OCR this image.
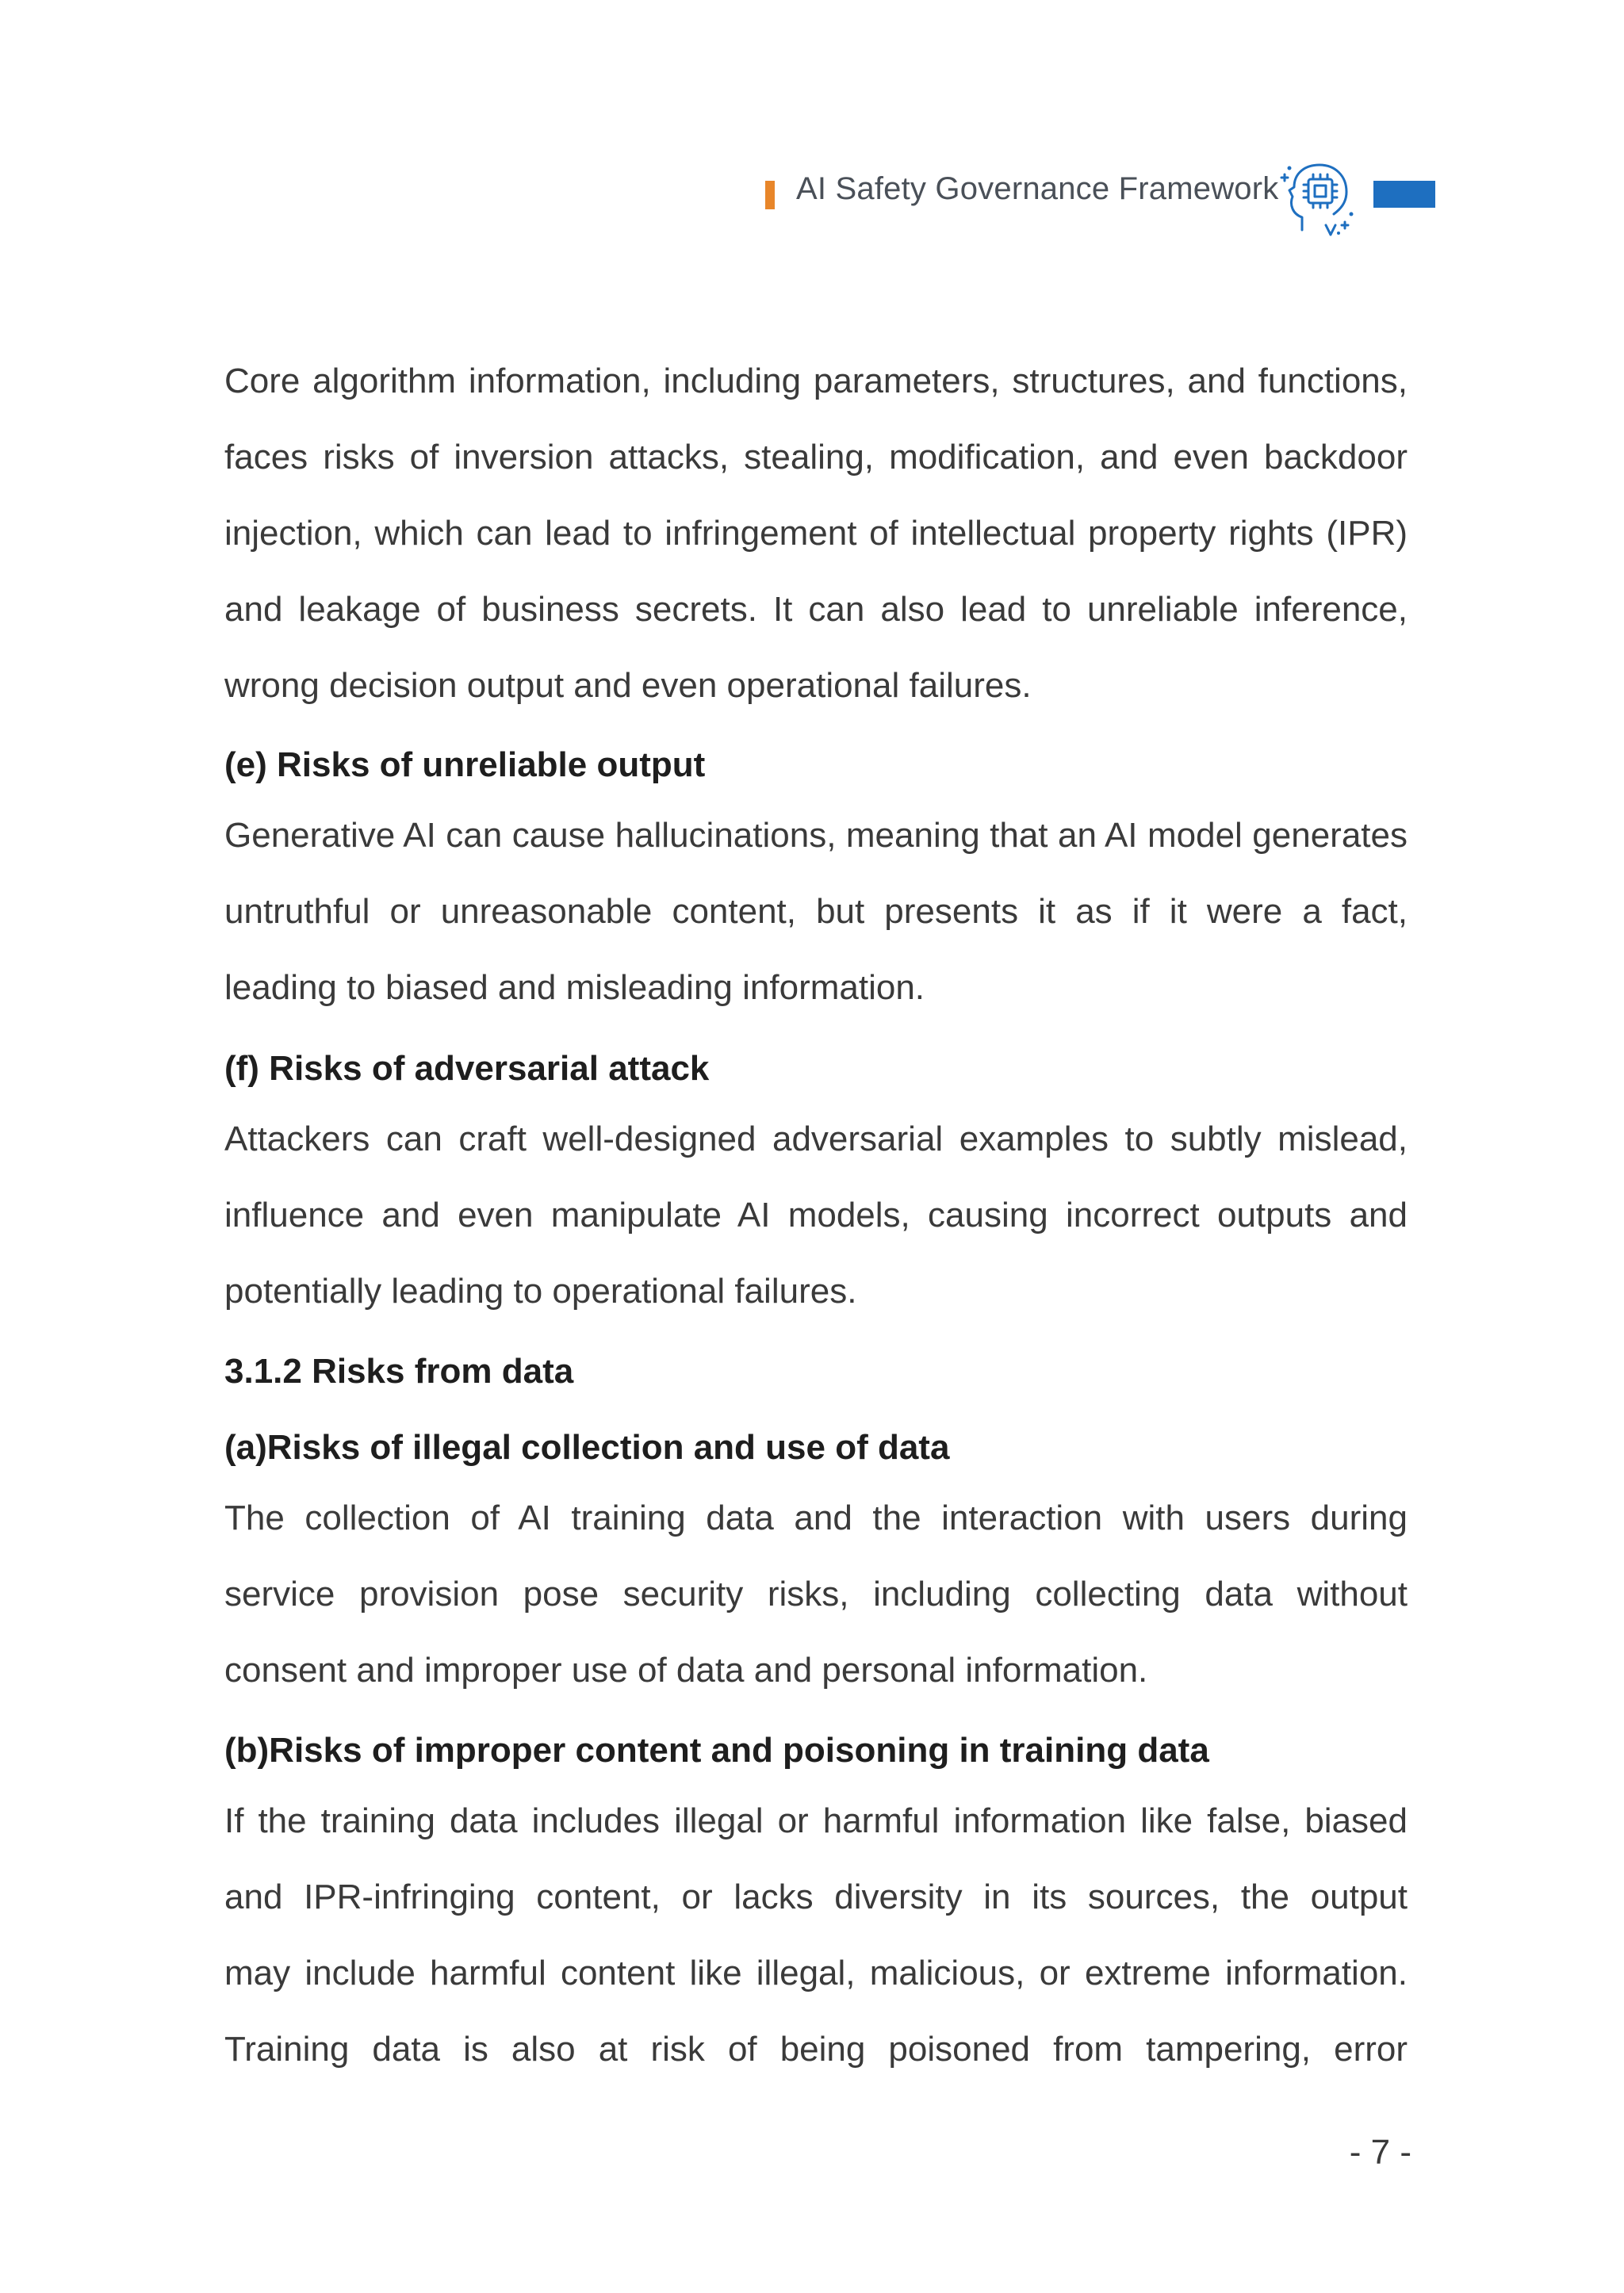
AI Safety Governance Framework
Core algorithm information, including parameters, structures, and functions,
faces risks of inversion attacks, stealing, modification, and even backdoor
injection, which can lead to infringement of intellectual property rights (IPR)
and leakage of business secrets. It can also lead to unreliable inference,
wrong decision output and even operational failures.
(e) Risks of unreliable output
Generative AI can cause hallucinations, meaning that an AI model generates
untruthful or unreasonable content, but presents it as if it were a fact,
leading to biased and misleading information.
(f) Risks of adversarial attack
Attackers can craft well-designed adversarial examples to subtly mislead,
influence and even manipulate AI models, causing incorrect outputs and
potentially leading to operational failures.
3.1.2 Risks from data
(a)Risks of illegal collection and use of data
The collection of AI training data and the interaction with users during
service provision pose security risks, including collecting data without
consent and improper use of data and personal information.
(b)Risks of improper content and poisoning in training data
If the training data includes illegal or harmful information like false, biased
and IPR-infringing content, or lacks diversity in its sources, the output
may include harmful content like illegal, malicious, or extreme information.
Training data is also at risk of being poisoned from tampering, error
- 7 -
